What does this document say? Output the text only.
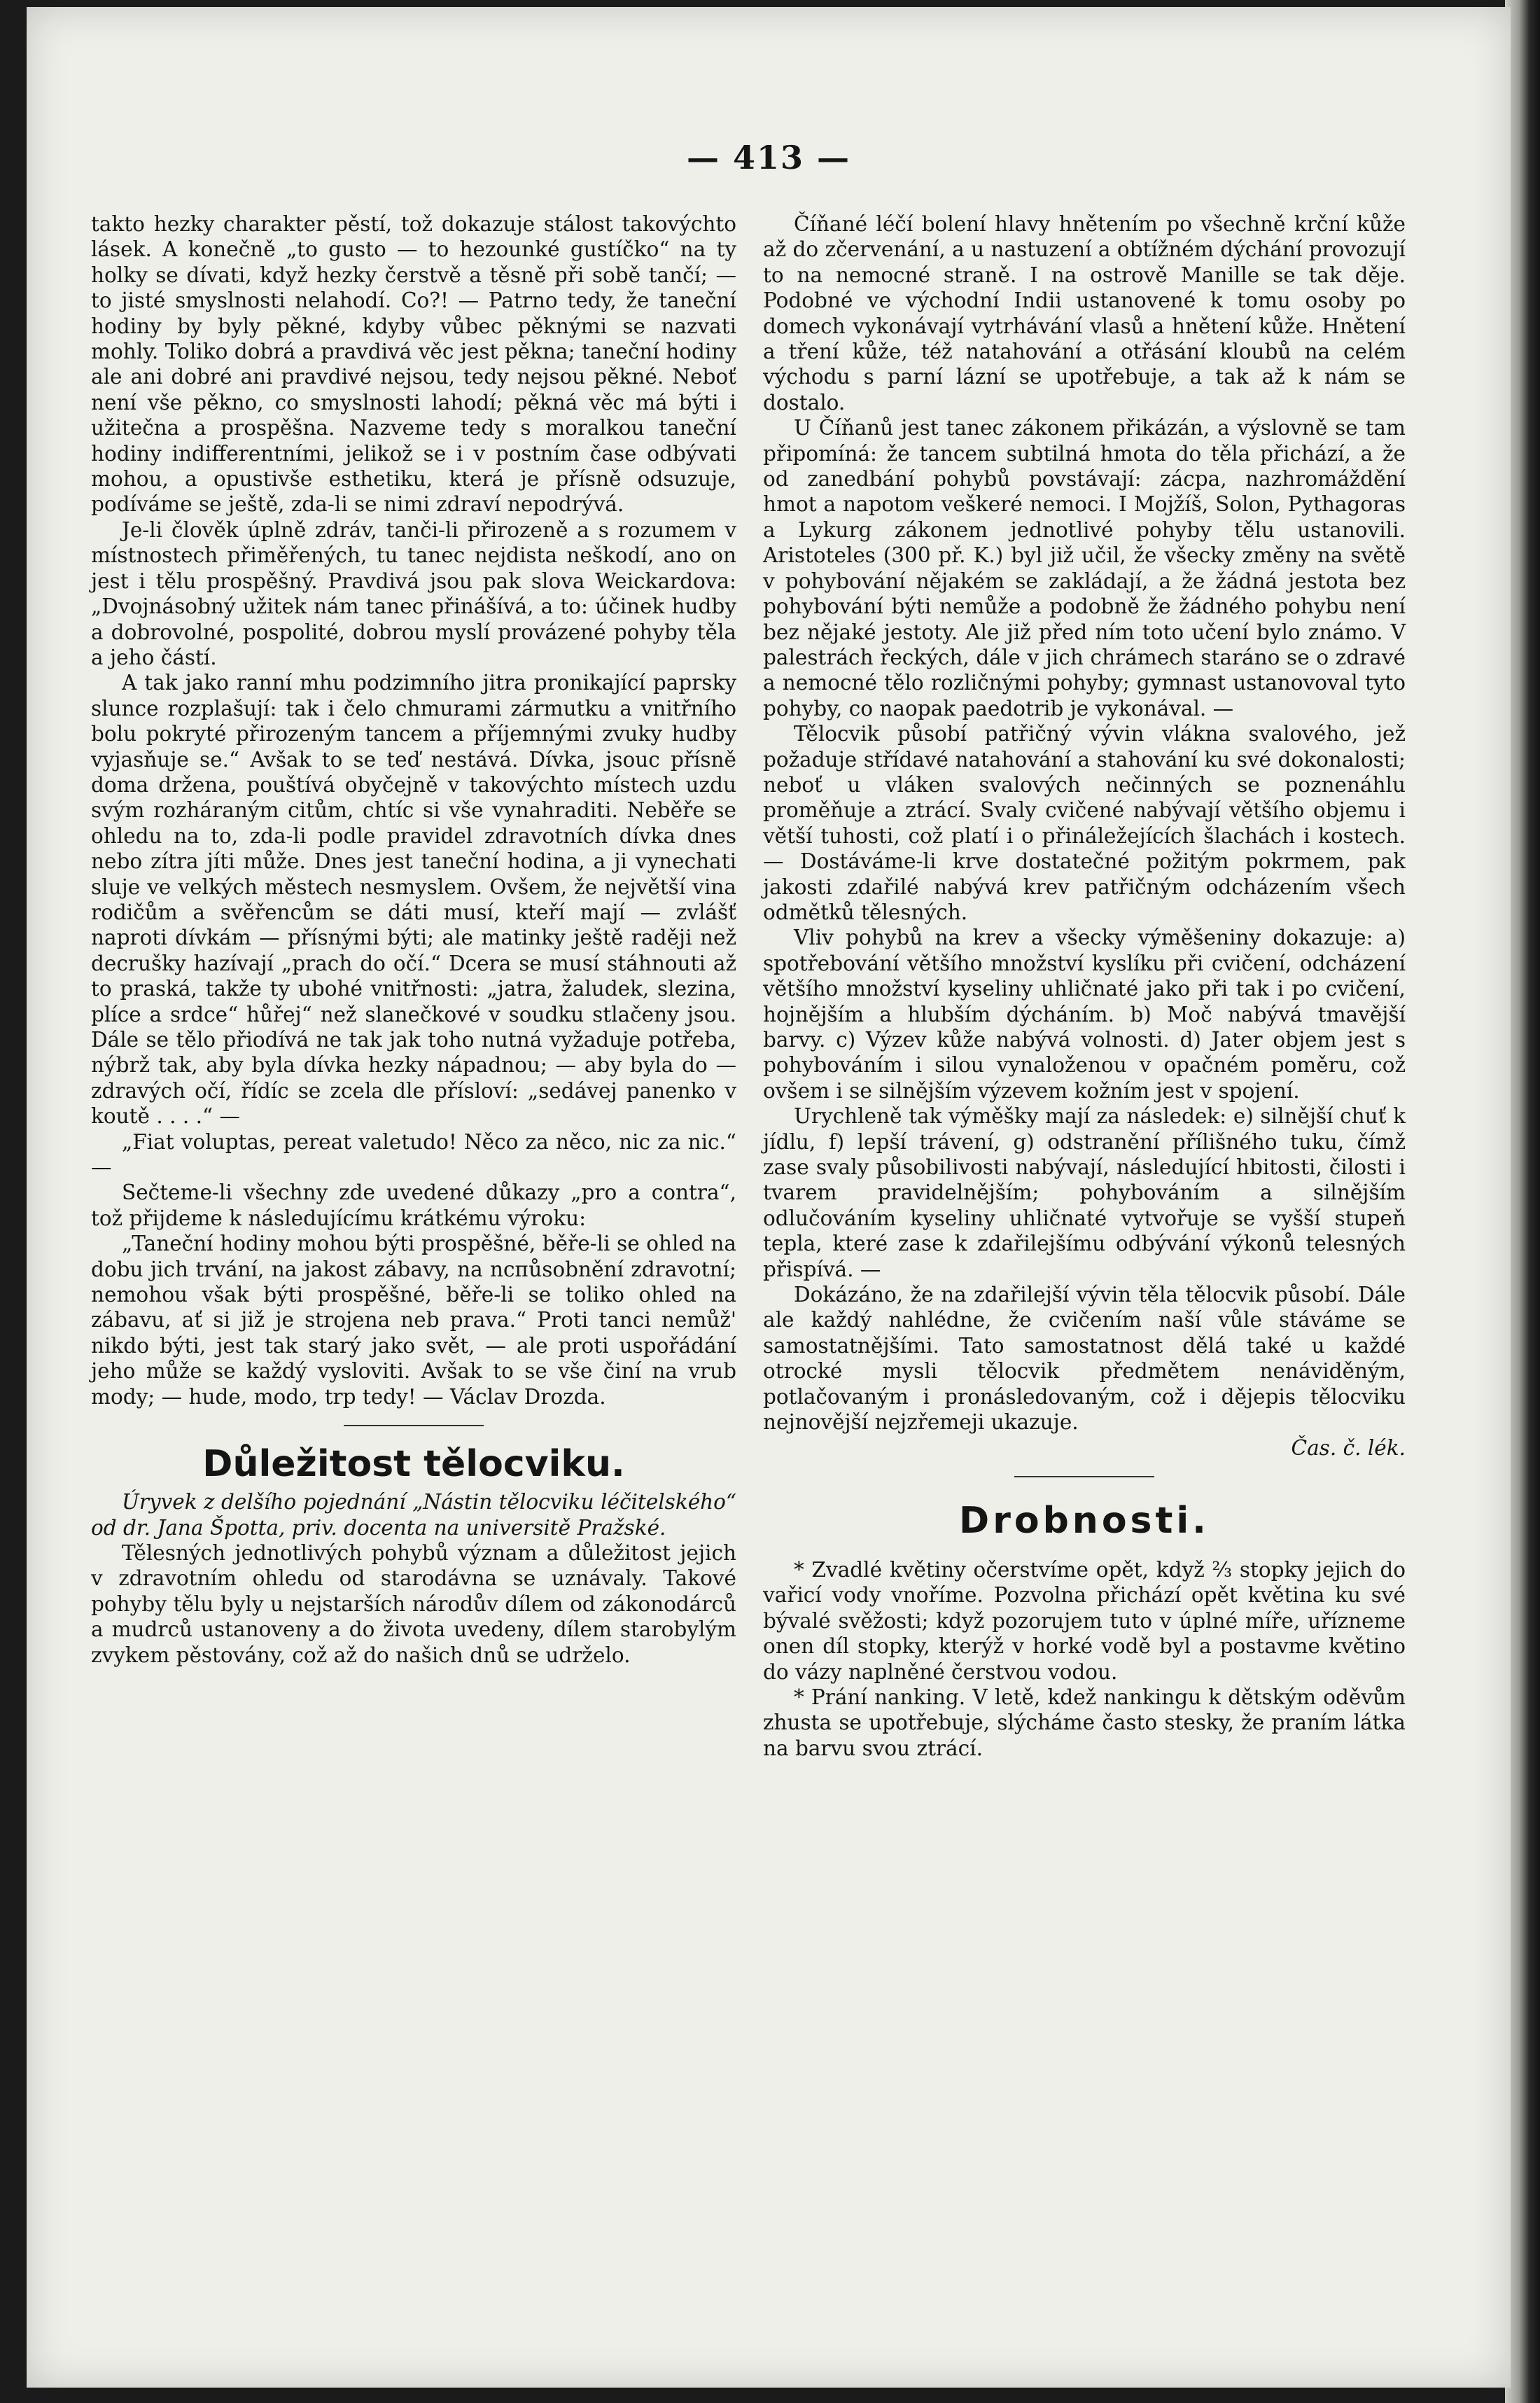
— 413 —

takto hezky charakter pěstí, tož dokazuje stálost takovýchto lásek. A konečně „to gusto — to hezounké gustíčko“ na ty holky se dívati, když hezky čerstvě a těsně při sobě tančí; — to jisté smyslnosti nelahodí. Co?! — Patrno tedy, že taneční hodiny by byly pěkné, kdyby vůbec pěknými se nazvati mohly. Toliko dobrá a pravdivá věc jest pěkna; taneční hodiny ale ani dobré ani pravdivé nejsou, tedy nejsou pěkné. Neboť není vše pěkno, co smyslnosti lahodí; pěkná věc má býti i užitečna a prospěšna. Nazveme tedy s moralkou taneční hodiny indifferentními, jelikož se i v postním čase odbývati mohou, a opustivše esthetiku, která je přísně odsuzuje, podíváme se ještě, zda-li se nimi zdraví nepodrývá.

Je-li člověk úplně zdráv, tanči-li přirozeně a s rozumem v místnostech přiměřených, tu tanec nejdista neškodí, ano on jest i tělu prospěšný. Pravdivá jsou pak slova Weickardova: „Dvojnásobný užitek nám tanec přinášívá, a to: účinek hudby a dobrovolné, pospolité, dobrou myslí provázené pohyby těla a jeho částí.

A tak jako ranní mhu podzimního jitra pronikající paprsky slunce rozplašují: tak i čelo chmurami zármutku a vnitřního bolu pokryté přirozeným tancem a příjemnými zvuky hudby vyjasňuje se.“ Avšak to se teď nestává. Dívka, jsouc přísně doma držena, pouštívá obyčejně v takovýchto místech uzdu svým rozhárаným citům, chtíc si vše vynahraditi. Neběře se ohledu na to, zda-li podle pravidel zdravotních dívka dnes nebo zítra jíti může. Dnes jest taneční hodina, a ji vynechati sluje ve velkých městech nesmyslem. Ovšem, že největší vina rodičům a svěřencům se dáti musí, kteří mají — zvlášť naproti dívkám — přísnými býti; ale matinky ještě raději než decrušky hazívají „prach do očí.“ Dcera se musí stáhnouti až to praská, takže ty ubohé vnitřnosti: „jatra, žaludek, slezina, plíce a srdce“ hůřej“ než slanečkové v soudku stlačeny jsou. Dále se tělo přiodívá ne tak jak toho nutná vyžaduje potřeba, nýbrž tak, aby byla dívka hezky nápadnou; — aby byla do — zdravých očí, řídíc se zcela dle přísloví: „sedávej panenko v koutě . . . .“ —

„Fiat voluptas, pereat valetudo! Něco za něco, nic za nic.“ —

Sečteme-li všechny zde uvedené důkazy „pro a contra“, tož přijdeme k následujícímu krátkému výroku:

„Taneční hodiny mohou býti prospěšné, běře-li se ohled na dobu jich trvání, na jakost zábavy, na nспůsobnění zdravotní; nemohou však býti prospěšné, běře-li se toliko ohled na zábavu, ať si již je strojena neb prava.“ Proti tanci nemůž' nikdo býti, jest tak starý jako svět, — ale proti uspořádání jeho může se každý vysloviti. Avšak to se vše činí na vrub mody; — hude, modo, trp tedy! — Václav Drozda.

Důležitost tělocviku.

Úryvek z delšího pojednání „Nástin tělocviku léčitelského“ od dr. Jana Špotta, priv. docenta na universitě Pražské.

Tělesných jednotlivých pohybů význam a důležitost jejich v zdravotním ohledu od starodávna se uznávaly. Takové pohyby tělu byly u nejstarších národův dílem od zákonodárců a mudrců ustanoveny a do života uvedeny, dílem starobylým zvykem pěstovány, což až do našich dnů se udrželo.

Číňané léčí bolení hlavy hnětením po všechně krční kůže až do zčervenání, a u nastuzení a obtížném dýchání provozují to na nemocné straně. I na ostrově Manille se tak děje. Podobné ve východní Indii ustanovené k tomu osoby po domech vykonávají vytrhávání vlasů a hnětení kůže. Hnětení a tření kůže, též natahování a otřásání kloubů na celém východu s parní lázní se upotřebuje, a tak až k nám se dostalo.

U Číňanů jest tanec zákonem přikázán, a výslovně se tam připomíná: že tancem subtilná hmota do těla přichází, a že od zanedbání pohybů povstávají: zácpa, nazhromáždění hmot a napotom veškeré nemoci. I Mojžíš, Solon, Pythagoras a Lykurg zákonem jednotlivé pohyby tělu ustanovili. Aristoteles (300 př. K.) byl již učil, že všecky změny na světě v pohybování nějakém se zakládají, a že žádná jestota bez pohybování býti nemůže a podobně že žádného pohybu není bez nějaké jestoty. Ale již před ním toto učení bylo známo. V palestrách řeckých, dále v jich chrámech staráno se o zdravé a nemocné tělo rozličnými pohyby; gymnast ustanovoval tyto pohyby, co naopak paedotrib je vykonával. —

Tělocvik působí patřičný vývin vlákna svalového, jež požaduje střídavé natahování a stahování ku své dokonalosti; neboť u vláken svalových nečinných se poznenáhlu proměňuje a ztrácí. Svaly cvičené nabývají většího objemu i větší tuhosti, což platí i o přináležejících šlachách i kostech. — Dostáváme-li krve dostatečné požitým pokrmem, pak jakosti zdařilé nabývá krev patřičným odcházením všech odmětků tělesných.

Vliv pohybů na krev a všecky výměšeniny dokazuje: a) spotřebování většího množství kyslíku při cvičení, odcházení většího množství kyseliny uhličnaté jako při tak i po cvičení, hojnějším a hlubším dýcháním. b) Moč nabývá tmavější barvy. c) Výzev kůže nabývá volnosti. d) Jater objem jest s pohybováním i silou vynaloženou v opačném poměru, což ovšem i se silnějším výzevem kožním jest v spojení.

Urychleně tak výměšky mají za následek: e) silnější chuť k jídlu, f) lepší trávení, g) odstranění přílišného tuku, čímž zase svaly působilivosti nabývají, následující hbitosti, čilosti i tvarem pravidelnějším; pohybováním a silnějším odlučováním kyseliny uhličnaté vytvořuje se vyšší stupeň teplа, které zase k zdařilejšímu odbývání výkonů telesných přispívá. —

Dokázáno, že na zdařilejší vývin těla tělocvik působí. Dále ale každý nahlédne, že cvičením naší vůle stáváme se samostatnějšími. Tato samostatnost dělá také u každé otrocké mysli tělocvik předmětem nenáviděným, potlačovaným i pronásledovaným, což i dějepis tělocviku nejnovější nejzřemeji ukazuje.

Čas. č. lék.

Drobnosti.

* Zvadlé květiny očerstvíme opět, když ⅔ stopky jejich do vařicí vody vnoříme. Pozvolna přichází opět květina ku své bývalé svěžosti; když pozorujem tuto v úplné míře, uřízneme onen díl stopky, kterýž v horké vodě byl a postavme květino do vázy naplněné čerstvou vodou.

* Prání nanking. V letě, kdež nankingu k dětským oděvům zhusta se upotřebuje, slýcháme často stesky, že praním látka na barvu svou ztrácí.
